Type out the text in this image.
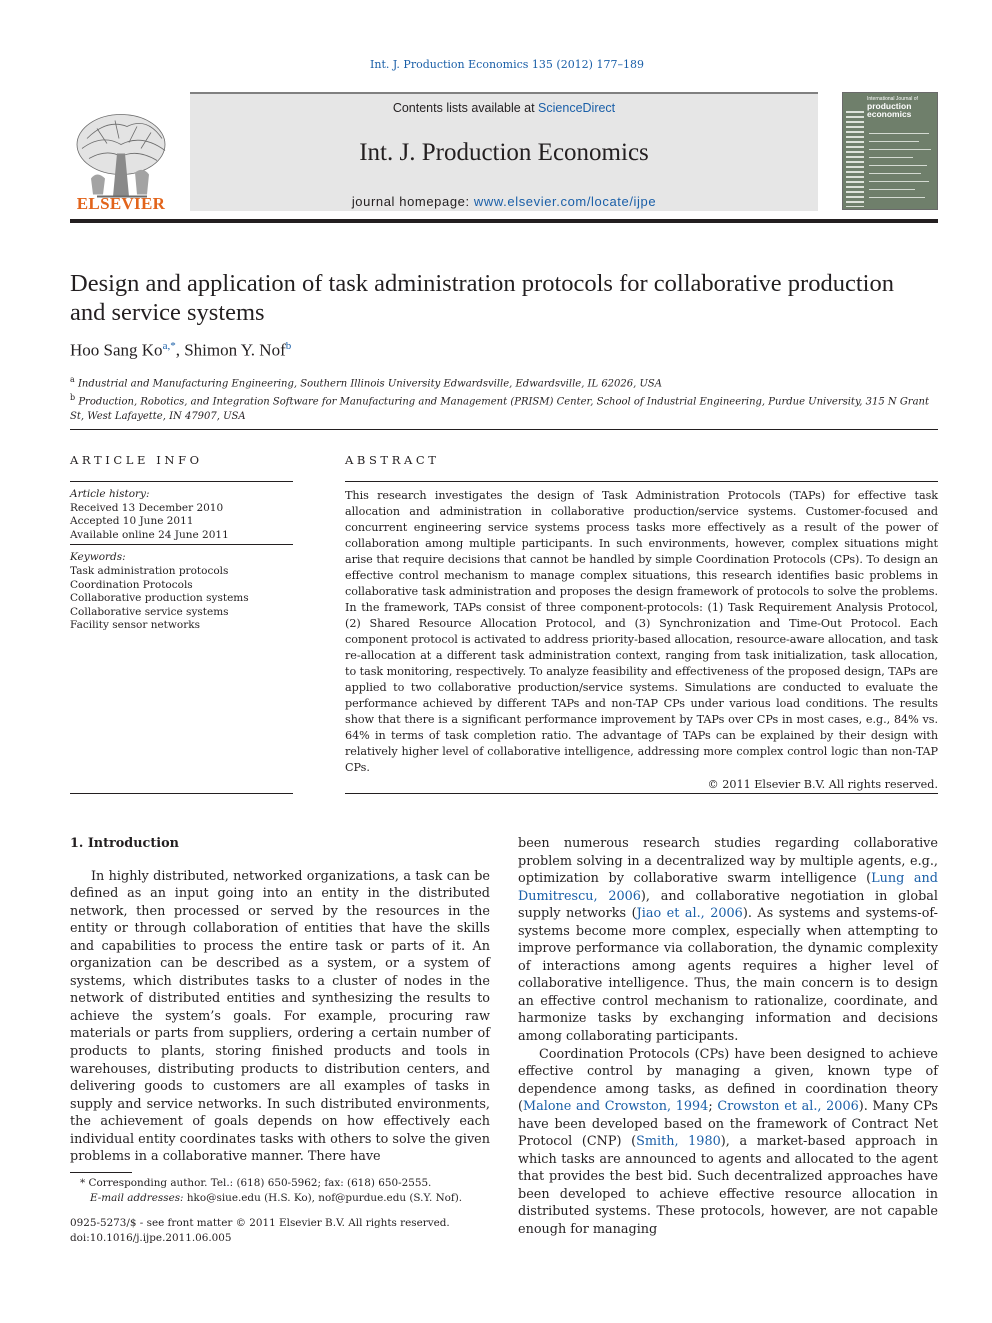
Int. J. Production Economics 135 (2012) 177–189
ELSEVIER
Contents lists available at ScienceDirect
Int. J. Production Economics
journal homepage: www.elsevier.com/locate/ijpe
International Journal of
production
economics
Design and application of task administration protocols for collaborative production and service systems
Hoo Sang $Ko^{a,*}$, Shimon Y. Nof$^b$
$^a$ Industrial and Manufacturing Engineering, Southern Illinois University Edwardsville, Edwardsville, IL 62026, USA
$^b$ Production, Robotics, and Integration Software for Manufacturing and Management (PRISM) Center, School of Industrial Engineering, Purdue University, 315 N Grant St, West Lafayette, IN 47907, USA
ARTICLE INFO
Article history:
Received 13 December 2010
Accepted 10 June 2011
Available online 24 June 2011
Keywords:
Task administration protocols
Coordination Protocols
Collaborative production systems
Collaborative service systems
Facility sensor networks
ABSTRACT
This research investigates the design of Task Administration Protocols (TAPs) for effective task allocation and administration in collaborative production/service systems. Customer-focused and concurrent engineering service systems process tasks more effectively as a result of the power of collaboration among multiple participants. In such environments, however, complex situations might arise that require decisions that cannot be handled by simple Coordination Protocols (CPs). To design an effective control mechanism to manage complex situations, this research identifies basic problems in collaborative task administration and proposes the design framework of protocols to solve the problems. In the framework, TAPs consist of three component-protocols: (1) Task Requirement Analysis Protocol, (2) Shared Resource Allocation Protocol, and (3) Synchronization and Time-Out Protocol. Each component protocol is activated to address priority-based allocation, resource-aware allocation, and task re-allocation at a different task administration context, ranging from task initialization, task allocation, to task monitoring, respectively. To analyze feasibility and effectiveness of the proposed design, TAPs are applied to two collaborative production/service systems. Simulations are conducted to evaluate the performance achieved by different TAPs and non-TAP CPs under various load conditions. The results show that there is a significant performance improvement by TAPs over CPs in most cases, e.g., 84% vs. 64% in terms of task completion ratio. The advantage of TAPs can be explained by their design with relatively higher level of collaborative intelligence, addressing more complex control logic than non-TAP CPs.
© 2011 Elsevier B.V. All rights reserved.
1. Introduction
In highly distributed, networked organizations, a task can be defined as an input going into an entity in the distributed network, then processed or served by the resources in the entity or through collaboration of entities that have the skills and capabilities to process the entire task or parts of it. An organization can be described as a system, or a system of systems, which distributes tasks to a cluster of nodes in the network of distributed entities and synthesizing the results to achieve the system’s goals. For example, procuring raw materials or parts from suppliers, ordering a certain number of products to plants, storing finished products and tools in warehouses, distributing products to distribution centers, and delivering goods to customers are all examples of tasks in supply and service networks. In such distributed environments, the achievement of goals depends on how effectively each individual entity coordinates tasks with others to solve the given problems in a collaborative manner. There have
been numerous research studies regarding collaborative problem solving in a decentralized way by multiple agents, e.g., optimization by collaborative swarm intelligence (Lung and Dumitrescu, 2006), and collaborative negotiation in global supply networks (Jiao et al., 2006). As systems and systems-of-systems become more complex, especially when attempting to improve performance via collaboration, the dynamic complexity of interactions among agents requires a higher level of collaborative intelligence. Thus, the main concern is to design an effective control mechanism to rationalize, coordinate, and harmonize tasks by exchanging information and decisions among collaborating participants.
Coordination Protocols (CPs) have been designed to achieve effective control by managing a given, known type of dependence among tasks, as defined in coordination theory (Malone and Crowston, 1994; Crowston et al., 2006). Many CPs have been developed based on the framework of Contract Net Protocol (CNP) (Smith, 1980), a market-based approach in which tasks are announced to agents and allocated to the agent that provides the best bid. Such decentralized approaches have been developed to achieve effective resource allocation in distributed systems. These protocols, however, are not capable enough for managing
* Corresponding author. Tel.: (618) 650-5962; fax: (618) 650-2555.
E-mail addresses: hko@siue.edu (H.S. Ko), nof@purdue.edu (S.Y. Nof).
0925-5273/$ - see front matter © 2011 Elsevier B.V. All rights reserved.
doi:10.1016/j.ijpe.2011.06.005
